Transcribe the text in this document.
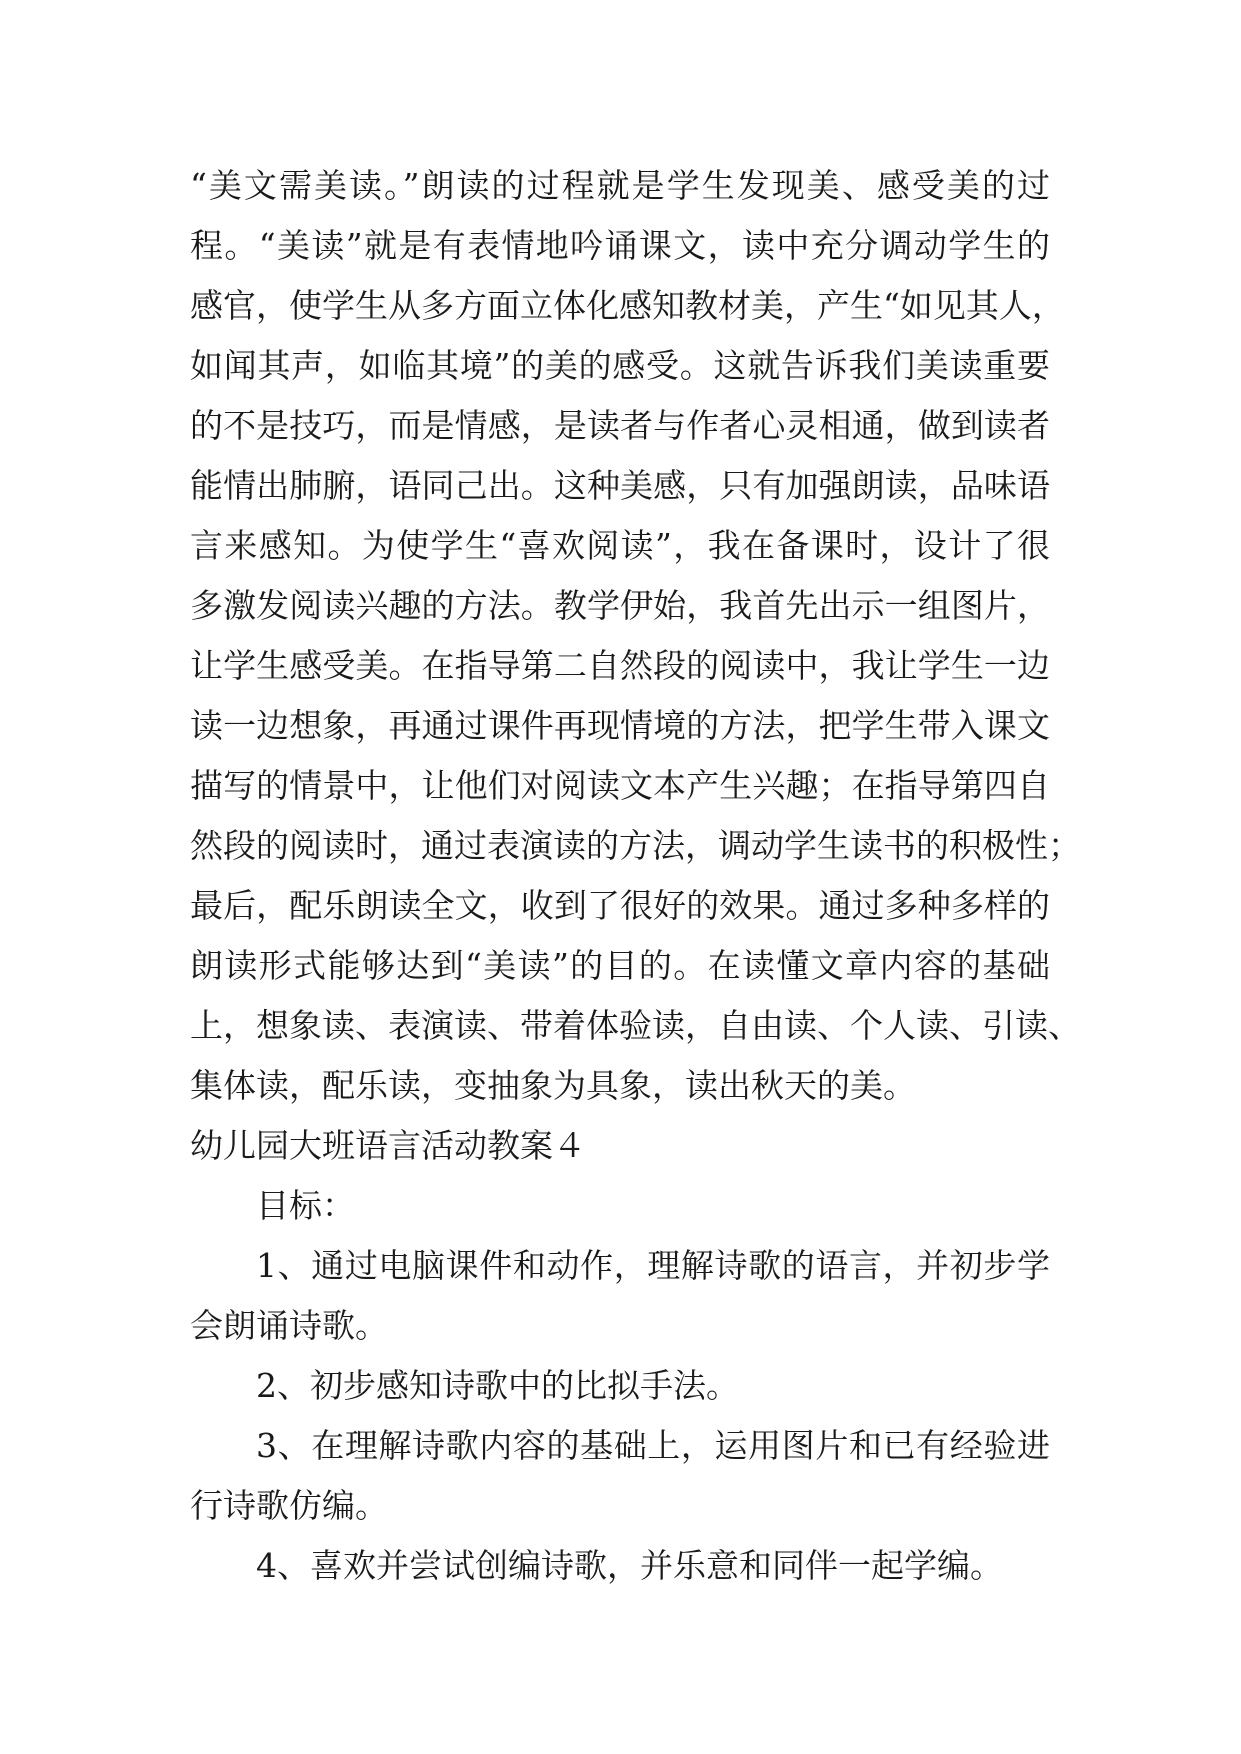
“美文需美读。”朗读的过程就是学生发现美、感受美的过
程。“美读”就是有表情地吟诵课文，读中充分调动学生的
感官，使学生从多方面立体化感知教材美，产生“如见其人，
如闻其声，如临其境”的美的感受。这就告诉我们美读重要
的不是技巧，而是情感，是读者与作者心灵相通，做到读者
能情出肺腑，语同己出。这种美感，只有加强朗读，品味语
言来感知。为使学生“喜欢阅读”，我在备课时，设计了很
多激发阅读兴趣的方法。教学伊始，我首先出示一组图片，
让学生感受美。在指导第二自然段的阅读中，我让学生一边
读一边想象，再通过课件再现情境的方法，把学生带入课文
描写的情景中，让他们对阅读文本产生兴趣；在指导第四自
然段的阅读时，通过表演读的方法，调动学生读书的积极性；
最后，配乐朗读全文，收到了很好的效果。通过多种多样的
朗读形式能够达到“美读”的目的。在读懂文章内容的基础
上，想象读、表演读、带着体验读，自由读、个人读、引读、
集体读，配乐读，变抽象为具象，读出秋天的美。
幼儿园大班语言活动教案４
目标：
1、通过电脑课件和动作，理解诗歌的语言，并初步学
会朗诵诗歌。
2、初步感知诗歌中的比拟手法。
3、在理解诗歌内容的基础上，运用图片和已有经验进
行诗歌仿编。
4、喜欢并尝试创编诗歌，并乐意和同伴一起学编。
